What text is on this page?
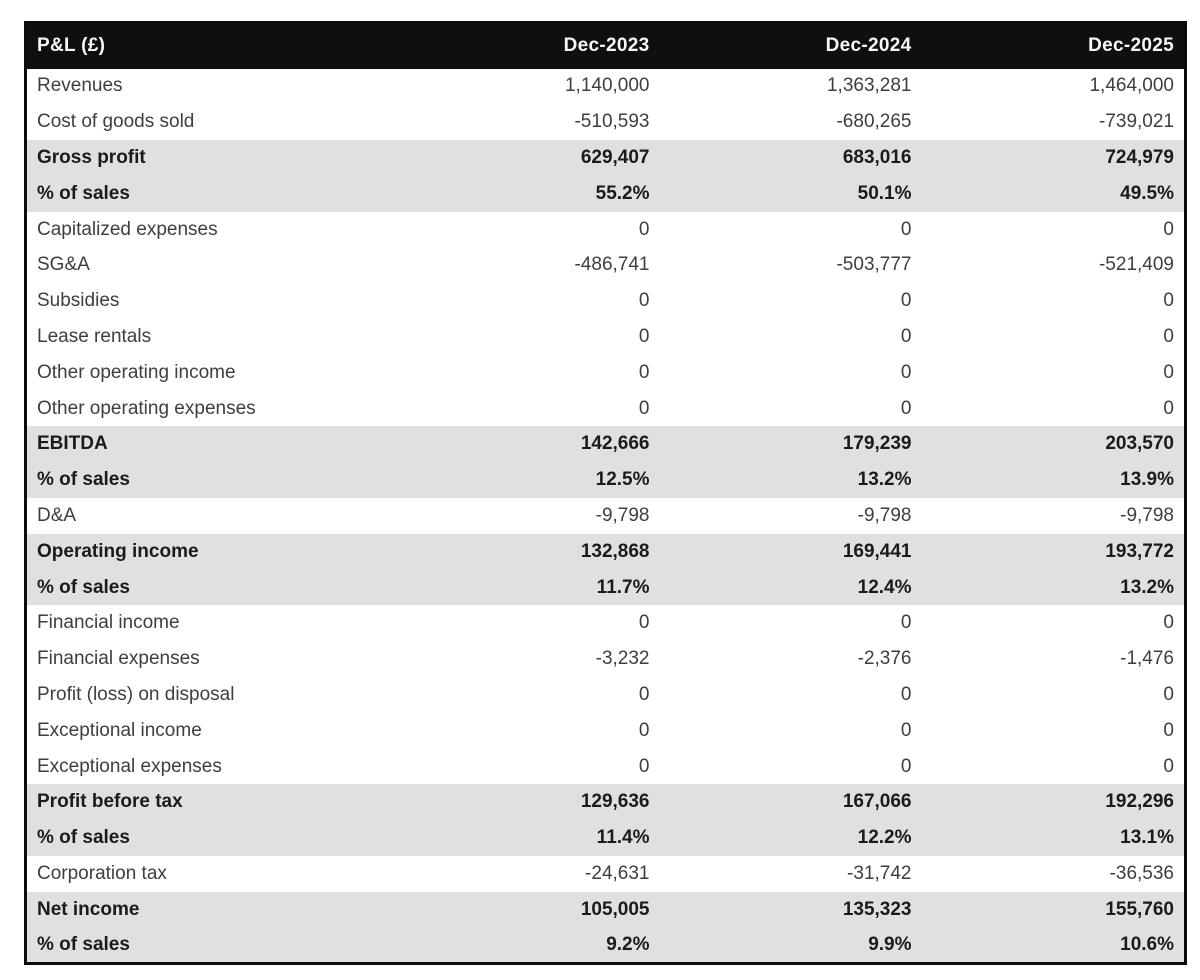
P&L (£)	Dec-2023	Dec-2024	Dec-2025
Revenues	1,140,000	1,363,281	1,464,000
Cost of goods sold	-510,593	-680,265	-739,021
Gross profit	629,407	683,016	724,979
% of sales	55.2%	50.1%	49.5%
Capitalized expenses	0	0	0
SG&A	-486,741	-503,777	-521,409
Subsidies	0	0	0
Lease rentals	0	0	0
Other operating income	0	0	0
Other operating expenses	0	0	0
EBITDA	142,666	179,239	203,570
% of sales	12.5%	13.2%	13.9%
D&A	-9,798	-9,798	-9,798
Operating income	132,868	169,441	193,772
% of sales	11.7%	12.4%	13.2%
Financial income	0	0	0
Financial expenses	-3,232	-2,376	-1,476
Profit (loss) on disposal	0	0	0
Exceptional income	0	0	0
Exceptional expenses	0	0	0
Profit before tax	129,636	167,066	192,296
% of sales	11.4%	12.2%	13.1%
Corporation tax	-24,631	-31,742	-36,536
Net income	105,005	135,323	155,760
% of sales	9.2%	9.9%	10.6%
